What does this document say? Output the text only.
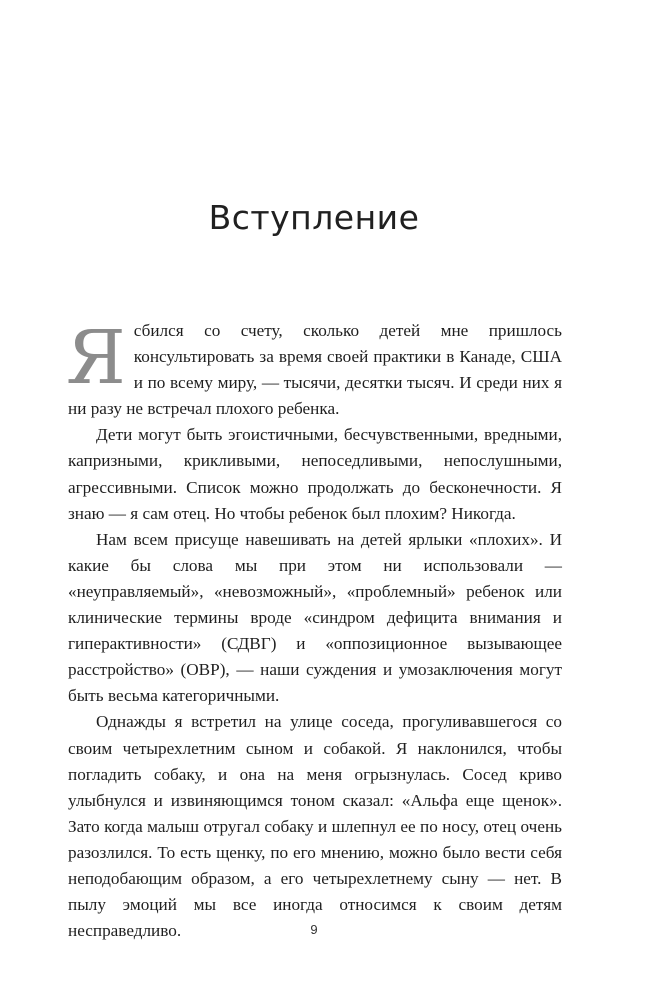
Вступление

Ясбился со счету, сколько детей мне пришлось консультировать за время своей практики в Канаде, США и по всему миру, — тысячи, десятки тысяч. И среди них я ни разу не встречал плохого ребенка.

Дети могут быть эгоистичными, бесчувственными, вредными, капризными, крикливыми, непоседливыми, непослушными, агрессивными. Список можно продолжать до бесконечности. Я знаю — я сам отец. Но чтобы ребенок был плохим? Никогда.

Нам всем присуще навешивать на детей ярлыки «плохих». И какие бы слова мы при этом ни использовали — «неуправляемый», «невозможный», «проблемный» ребенок или клинические термины вроде «синдром дефицита внимания и гиперактивности» (СДВГ) и «оппозиционное вызывающее расстройство» (ОВР), — наши суждения и умозаключения могут быть весьма категоричными.

Однажды я встретил на улице соседа, прогуливавшегося со своим четырехлетним сыном и собакой. Я наклонился, чтобы погладить собаку, и она на меня огрызнулась. Сосед криво улыбнулся и извиняющимся тоном сказал: «Альфа еще щенок». Зато когда малыш отругал собаку и шлепнул ее по носу, отец очень разозлился. То есть щенку, по его мнению, можно было вести себя неподобающим образом, а его четырехлетнему сыну — нет. В пылу эмоций мы все иногда относимся к своим детям несправедливо.	9
